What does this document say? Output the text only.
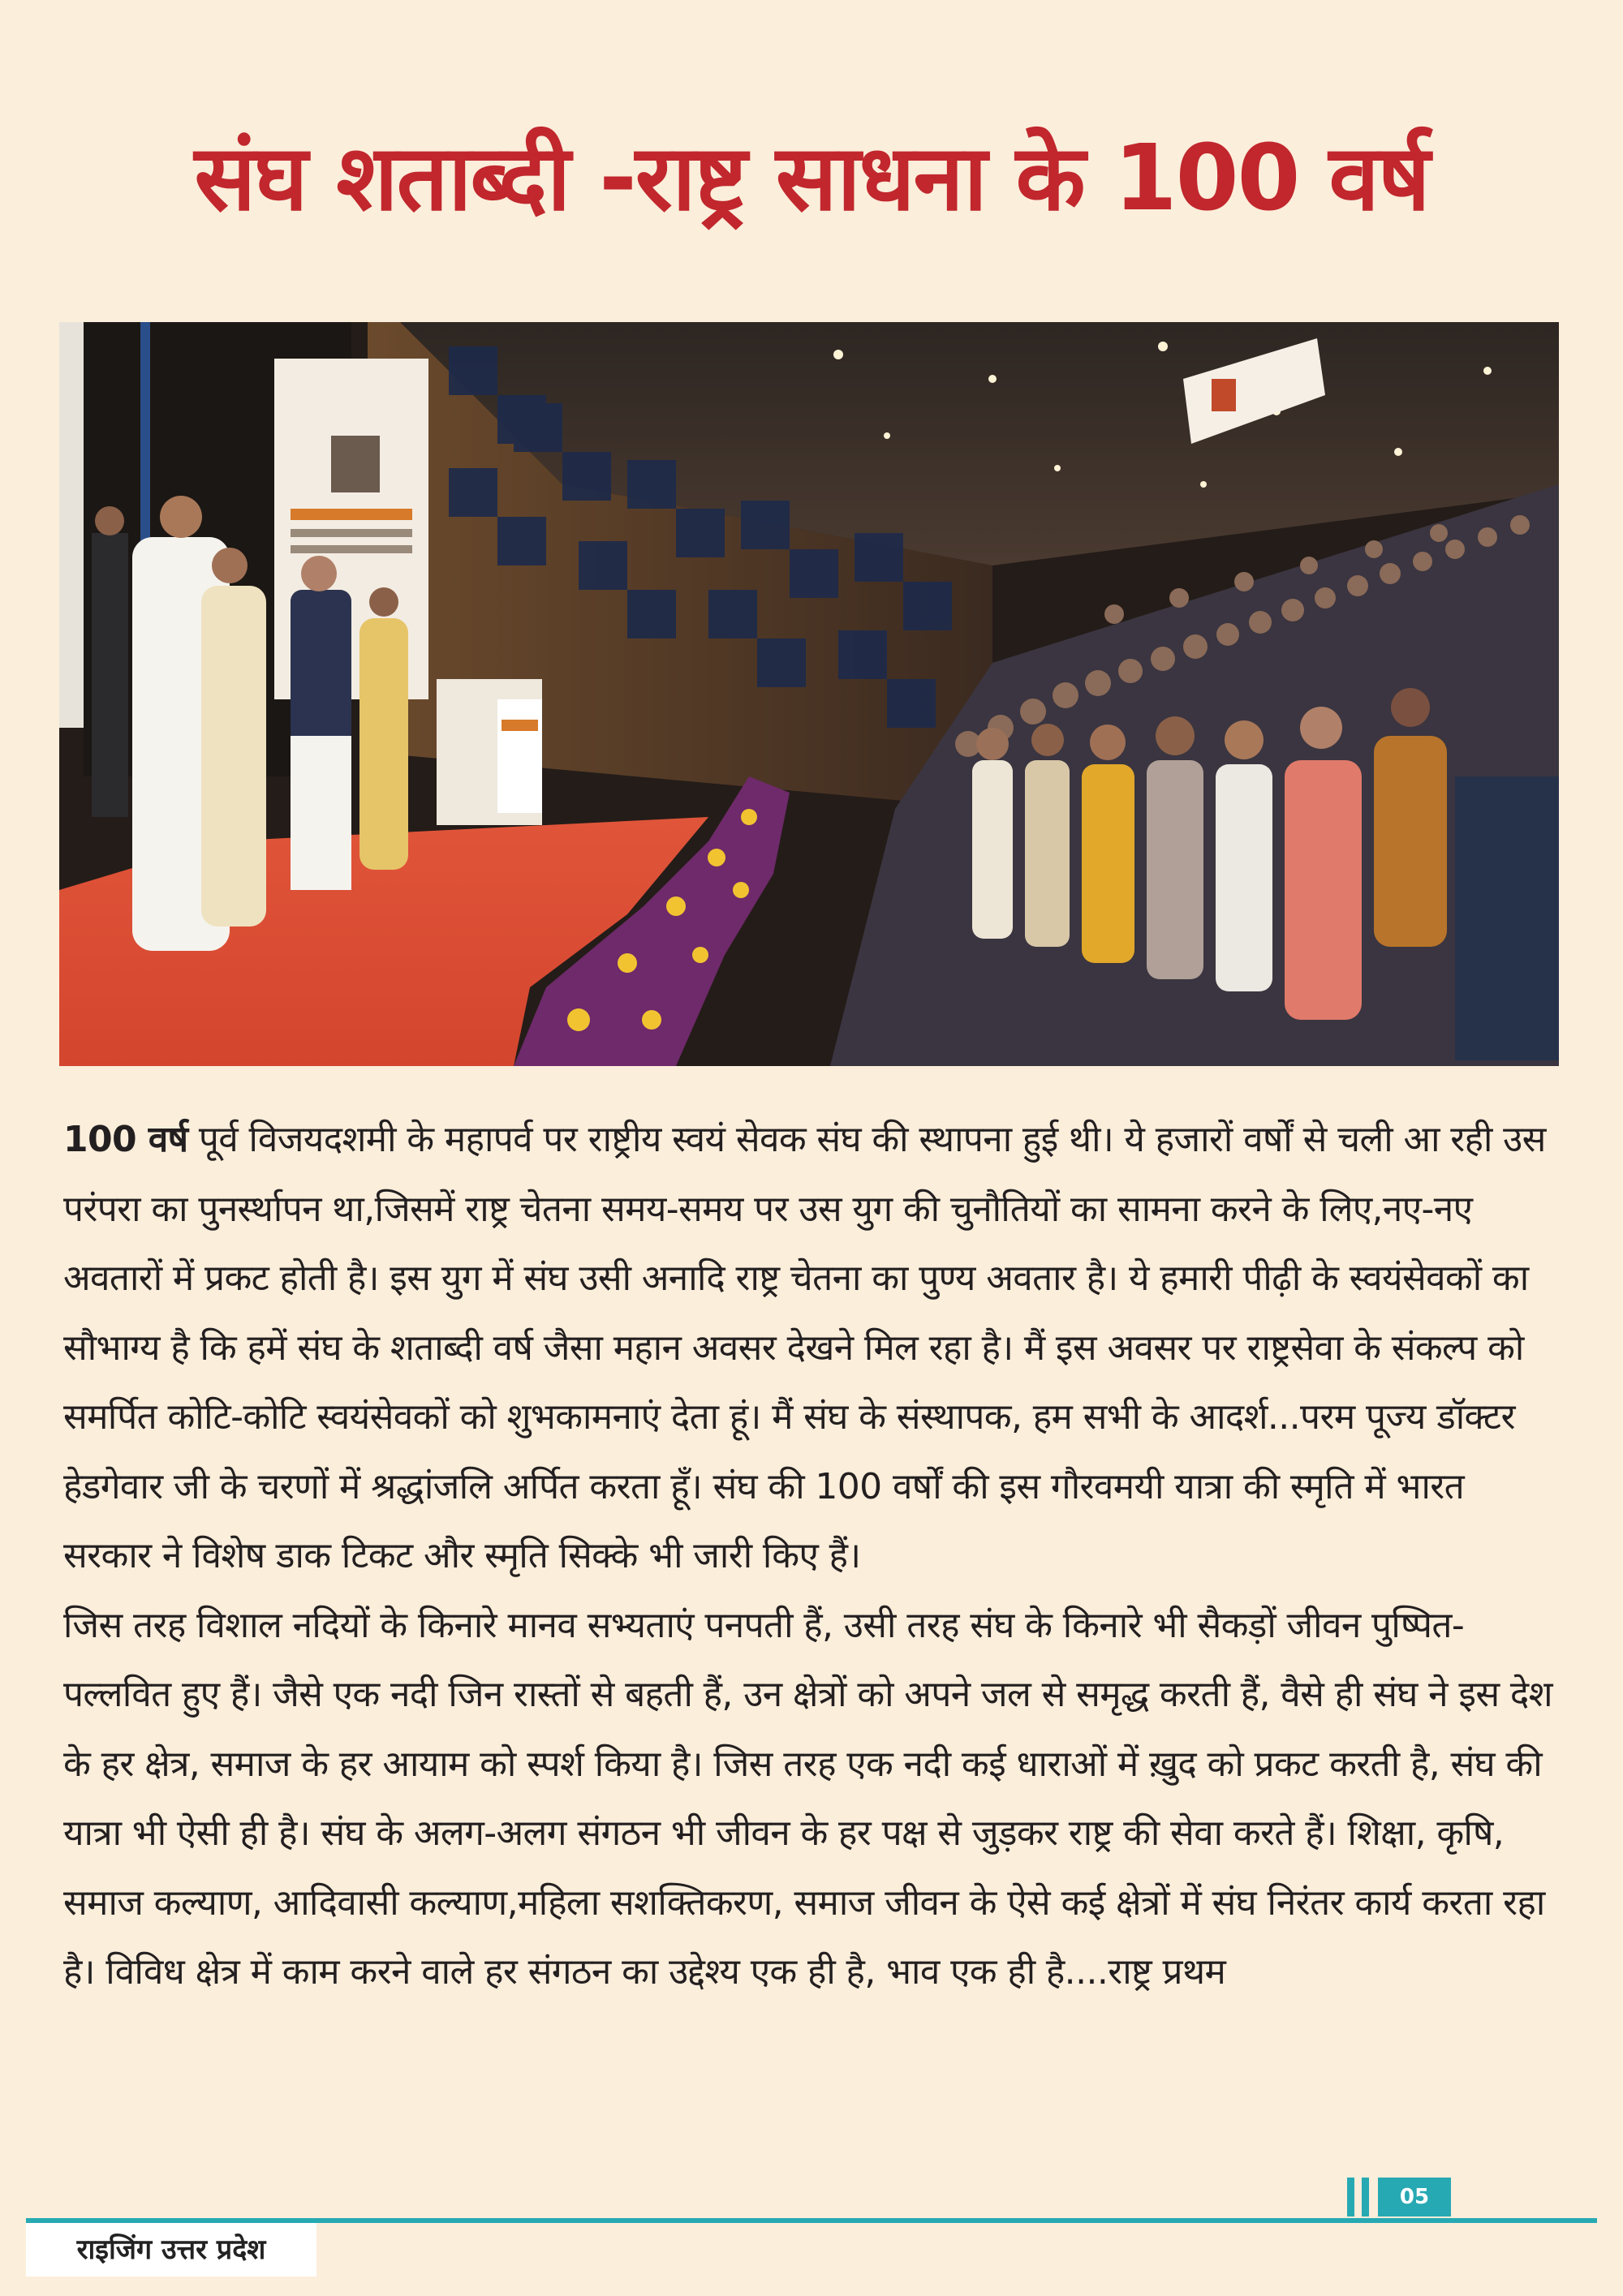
संघ शताब्दी -राष्ट्र साधना के 100 वर्ष

100 वर्ष पूर्व विजयदशमी के महापर्व पर राष्ट्रीय स्वयं सेवक संघ की स्थापना हुई थी। ये हजारों वर्षों से चली आ रही उस परंपरा का पुनर्स्थापन था,जिसमें राष्ट्र चेतना समय-समय पर उस युग की चुनौतियों का सामना करने के लिए,नए-नए अवतारों में प्रकट होती है। इस युग में संघ उसी अनादि राष्ट्र चेतना का पुण्य अवतार है। ये हमारी पीढ़ी के स्वयंसेवकों का सौभाग्य है कि हमें संघ के शताब्दी वर्ष जैसा महान अवसर देखने मिल रहा है। मैं इस अवसर पर राष्ट्रसेवा के संकल्प को समर्पित कोटि-कोटि स्वयंसेवकों को शुभकामनाएं देता हूं। मैं संघ के संस्थापक, हम सभी के आदर्श...परम पूज्य डॉक्टर हेडगेवार जी के चरणों में श्रद्धांजलि अर्पित करता हूँ। संघ की 100 वर्षों की इस गौरवमयी यात्रा की स्मृति में भारत सरकार ने विशेष डाक टिकट और स्मृति सिक्के भी जारी किए हैं।

जिस तरह विशाल नदियों के किनारे मानव सभ्यताएं पनपती हैं, उसी तरह संघ के किनारे भी सैकड़ों जीवन पुष्पित-पल्लवित हुए हैं। जैसे एक नदी जिन रास्तों से बहती हैं, उन क्षेत्रों को अपने जल से समृद्ध करती हैं, वैसे ही संघ ने इस देश के हर क्षेत्र, समाज के हर आयाम को स्पर्श किया है। जिस तरह एक नदी कई धाराओं में ख़ुद को प्रकट करती है, संघ की यात्रा भी ऐसी ही है। संघ के अलग-अलग संगठन भी जीवन के हर पक्ष से जुड़कर राष्ट्र की सेवा करते हैं। शिक्षा, कृषि, समाज कल्याण, आदिवासी कल्याण,महिला सशक्तिकरण, समाज जीवन के ऐसे कई क्षेत्रों में संघ निरंतर कार्य करता रहा है। विविध क्षेत्र में काम करने वाले हर संगठन का उद्देश्य एक ही है, भाव एक ही है....राष्ट्र प्रथम

05
राइजिंग उत्तर प्रदेश
